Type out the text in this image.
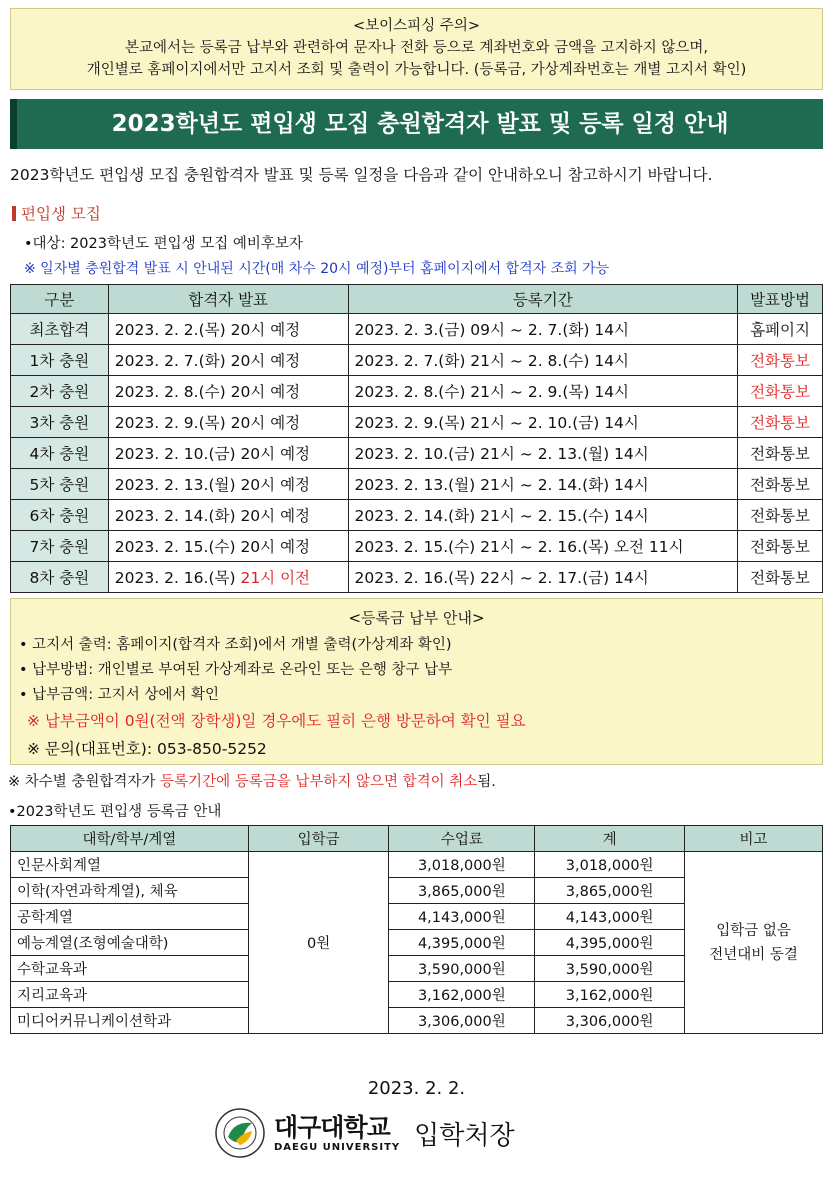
<보이스피싱 주의>
본교에서는 등록금 납부와 관련하여 문자나 전화 등으로 계좌번호와 금액을 고지하지 않으며,
개인별로 홈페이지에서만 고지서 조회 및 출력이 가능합니다. (등록금, 가상계좌번호는 개별 고지서 확인)
2023학년도 편입생 모집 충원합격자 발표 및 등록 일정 안내
2023학년도 편입생 모집 충원합격자 발표 및 등록 일정을 다음과 같이 안내하오니 참고하시기 바랍니다.
편입생 모집
•대상: 2023학년도 편입생 모집 예비후보자
※ 일자별 충원합격 발표 시 안내된 시간(매 차수 20시 예정)부터 홈페이지에서 합격자 조회 가능
구분	합격자 발표	등록기간	발표방법
최초합격	2023. 2. 2.(목) 20시 예정	2023. 2. 3.(금) 09시 ~ 2. 7.(화) 14시	홈페이지
1차 충원	2023. 2. 7.(화) 20시 예정	2023. 2. 7.(화) 21시 ~ 2. 8.(수) 14시	전화통보
2차 충원	2023. 2. 8.(수) 20시 예정	2023. 2. 8.(수) 21시 ~ 2. 9.(목) 14시	전화통보
3차 충원	2023. 2. 9.(목) 20시 예정	2023. 2. 9.(목) 21시 ~ 2. 10.(금) 14시	전화통보
4차 충원	2023. 2. 10.(금) 20시 예정	2023. 2. 10.(금) 21시 ~ 2. 13.(월) 14시	전화통보
5차 충원	2023. 2. 13.(월) 20시 예정	2023. 2. 13.(월) 21시 ~ 2. 14.(화) 14시	전화통보
6차 충원	2023. 2. 14.(화) 20시 예정	2023. 2. 14.(화) 21시 ~ 2. 15.(수) 14시	전화통보
7차 충원	2023. 2. 15.(수) 20시 예정	2023. 2. 15.(수) 21시 ~ 2. 16.(목) 오전 11시	전화통보
8차 충원	2023. 2. 16.(목) 21시 이전	2023. 2. 16.(목) 22시 ~ 2. 17.(금) 14시	전화통보
<등록금 납부 안내>
• 고지서 출력: 홈페이지(합격자 조회)에서 개별 출력(가상계좌 확인)
• 납부방법: 개인별로 부여된 가상계좌로 온라인 또는 은행 창구 납부
• 납부금액: 고지서 상에서 확인
※ 납부금액이 0원(전액 장학생)일 경우에도 필히 은행 방문하여 확인 필요
※ 문의(대표번호): 053-850-5252
※ 차수별 충원합격자가 등록기간에 등록금을 납부하지 않으면 합격이 취소됨.
•2023학년도 편입생 등록금 안내
대학/학부/계열	입학금	수업료	계	비고
인문사회계열	0원	3,018,000원	3,018,000원	입학금 없음
전년대비 동결

이학(자연과학계열), 체육		3,865,000원	3,865,000원	
공학계열		4,143,000원	4,143,000원	
예능계열(조형예술대학)		4,395,000원	4,395,000원	
수학교육과		3,590,000원	3,590,000원	
지리교육과		3,162,000원	3,162,000원	
미디어커뮤니케이션학과		3,306,000원	3,306,000원	
2023. 2. 2.
대구대학교
DAEGU UNIVERSITY 입학처장
